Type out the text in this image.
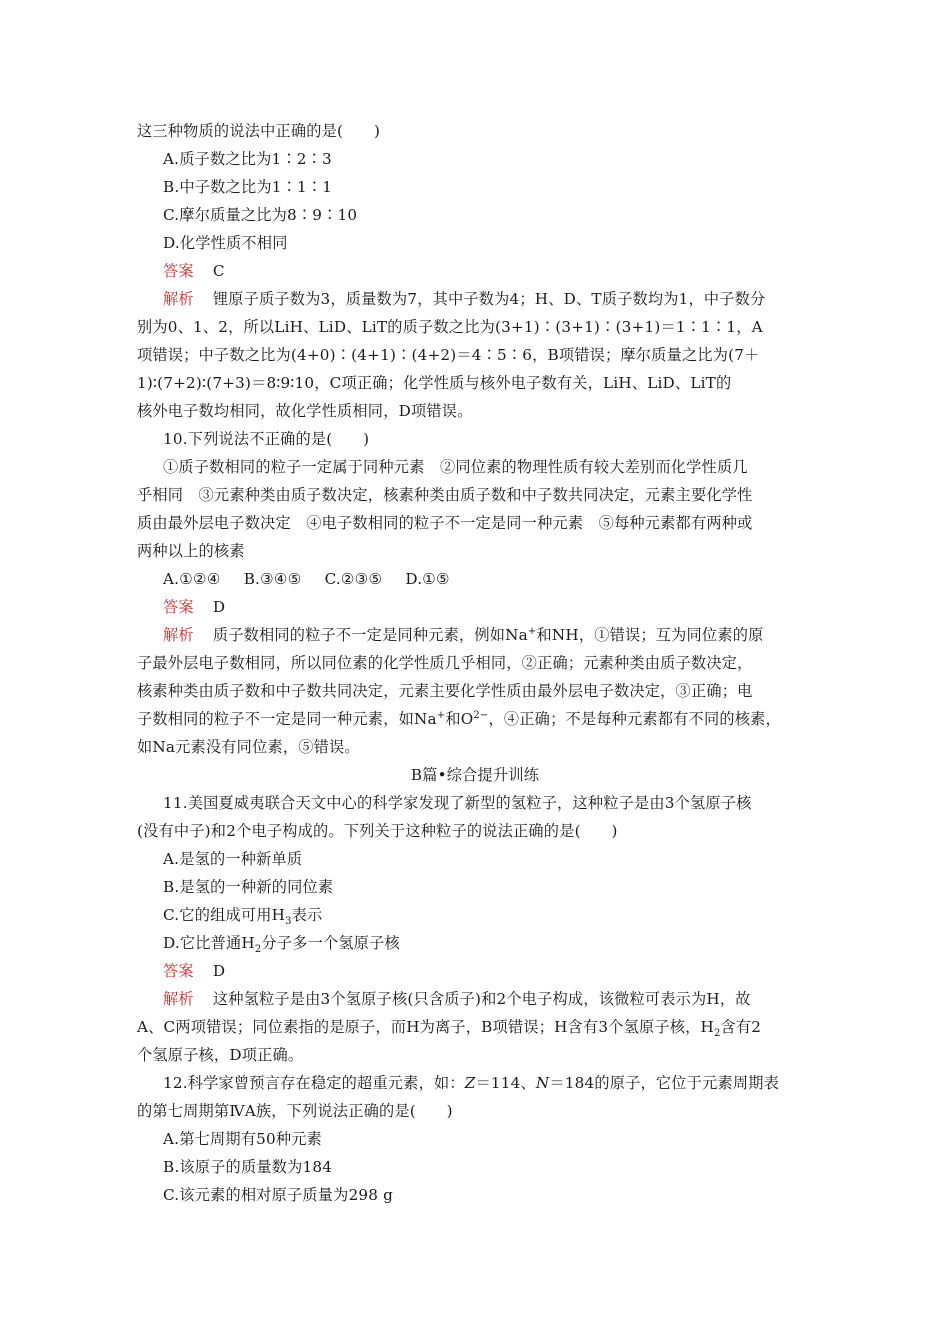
这三种物质的说法中正确的是(　　)
A.质子数之比为1∶2∶3
B.中子数之比为1∶1∶1
C.摩尔质量之比为8∶9∶10
D.化学性质不相同
答案 C
解析 锂原子质子数为3，质量数为7，其中子数为4；H、D、T质子数均为1，中子数分
别为0、1、2，所以LiH、LiD、LiT的质子数之比为(3+1)∶(3+1)∶(3+1)＝1∶1∶1，A
项错误；中子数之比为(4+0)∶(4+1)∶(4+2)＝4∶5∶6，B项错误；摩尔质量之比为(7＋
1)∶(7+2)∶(7+3)＝8∶9∶10，C项正确；化学性质与核外电子数有关，LiH、LiD、LiT的
核外电子数均相同，故化学性质相同，D项错误。
10.下列说法不正确的是(　　)
①质子数相同的粒子一定属于同种元素　②同位素的物理性质有较大差别而化学性质几
乎相同　③元素种类由质子数决定，核素种类由质子数和中子数共同决定，元素主要化学性
质由最外层电子数决定　④电子数相同的粒子不一定是同一种元素　⑤每种元素都有两种或
两种以上的核素
A.①②④ B.③④⑤ C.②③⑤ D.①⑤
答案 D
解析 质子数相同的粒子不一定是同种元素，例如Na+和NH，①错误；互为同位素的原
子最外层电子数相同，所以同位素的化学性质几乎相同，②正确；元素种类由质子数决定，
核素种类由质子数和中子数共同决定，元素主要化学性质由最外层电子数决定，③正确；电
子数相同的粒子不一定是同一种元素，如Na+和$O^{2-}$，④正确；不是每种元素都有不同的核素，
如Na元素没有同位素，⑤错误。
B篇•综合提升训练
11.美国夏威夷联合天文中心的科学家发现了新型的氢粒子，这种粒子是由3个氢原子核
(没有中子)和2个电子构成的。下列关于这种粒子的说法正确的是(　　)
A.是氢的一种新单质
B.是氢的一种新的同位素
C.它的组成可用$H_3$表示
D.它比普通$H_2$分子多一个氢原子核
答案 D
解析 这种氢粒子是由3个氢原子核(只含质子)和2个电子构成，该微粒可表示为H，故
A、C两项错误；同位素指的是原子，而H为离子，B项错误；H含有3个氢原子核，$H_2$含有2
个氢原子核，D项正确。
12.科学家曾预言存在稳定的超重元素，如：Z＝114、N＝184的原子，它位于元素周期表
的第七周期第ⅣA族，下列说法正确的是(　　)
A.第七周期有50种元素
B.该原子的质量数为184
C.该元素的相对原子质量为298 g
